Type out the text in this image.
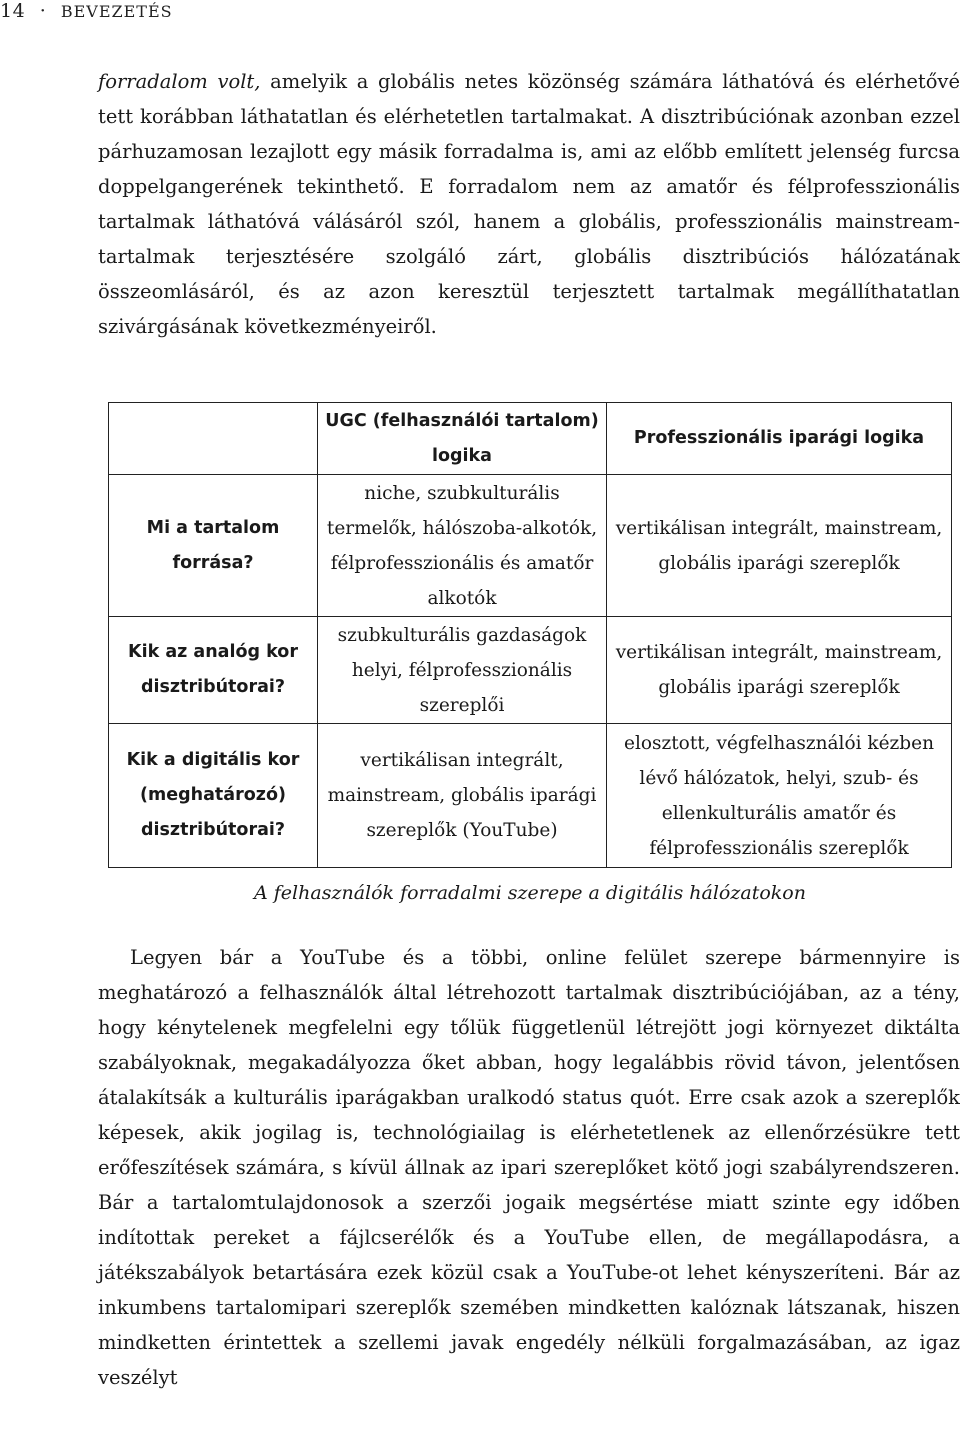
14 · BEVEZETÉS

forradalom volt, amelyik a globális netes közönség számára láthatóvá és elérhetővé tett korábban láthatatlan és elérhetetlen tartalmakat. A disztribúciónak azonban ezzel párhuzamosan lezajlott egy másik forradalma is, ami az előbb említett jelenség furcsa doppelgangerének tekinthető. E forradalom nem az amatőr és félprofesszionális tartalmak láthatóvá válásáról szól, hanem a globális, professzionális mainstream-tartalmak terjesztésére szolgáló zárt, globális disztribúciós hálózatának összeomlásáról, és az azon keresztül terjesztett tartalmak megállíthatatlan szivárgásának következményeiről.

	UGC (felhasználói tartalom) logika	Professzionális iparági logika
Mi a tartalom forrása?	niche, szubkulturális termelők, hálószoba-alkotók, félprofesszionális és amatőr alkotók	vertikálisan integrált, mainstream, globális iparági szereplők
Kik az analóg kor disztribútorai?	szubkulturális gazdaságok helyi, félprofesszionális szereplői	vertikálisan integrált, mainstream, globális iparági szereplők
Kik a digitális kor (meghatározó) disztribútorai?	vertikálisan integrált, mainstream, globális iparági szereplők (YouTube)	elosztott, végfelhasználói kézben lévő hálózatok, helyi, szub- és ellenkulturális amatőr és félprofesszionális szereplők
A felhasználók forradalmi szerepe a digitális hálózatokon

Legyen bár a YouTube és a többi, online felület szerepe bármennyire is meghatározó a felhasználók által létrehozott tartalmak disztribúciójában, az a tény, hogy kénytelenek megfelelni egy tőlük függetlenül létrejött jogi környezet diktálta szabályoknak, megakadályozza őket abban, hogy legalábbis rövid távon, jelentősen átalakítsák a kulturális iparágakban uralkodó status quót. Erre csak azok a szereplők képesek, akik jogilag is, technológiailag is elérhetetlenek az ellenőrzésükre tett erőfeszítések számára, s kívül állnak az ipari szereplőket kötő jogi szabályrendszeren. Bár a tartalomtulajdonosok a szerzői jogaik megsértése miatt szinte egy időben indítottak pereket a fájlcserélők és a YouTube ellen, de megállapodásra, a játékszabályok betartására ezek közül csak a YouTube-ot lehet kényszeríteni. Bár az inkumbens tartalomipari szereplők szemében mindketten kalóznak látszanak, hiszen mindketten érintettek a szellemi javak engedély nélküli forgalmazásában, az igaz veszélyt
